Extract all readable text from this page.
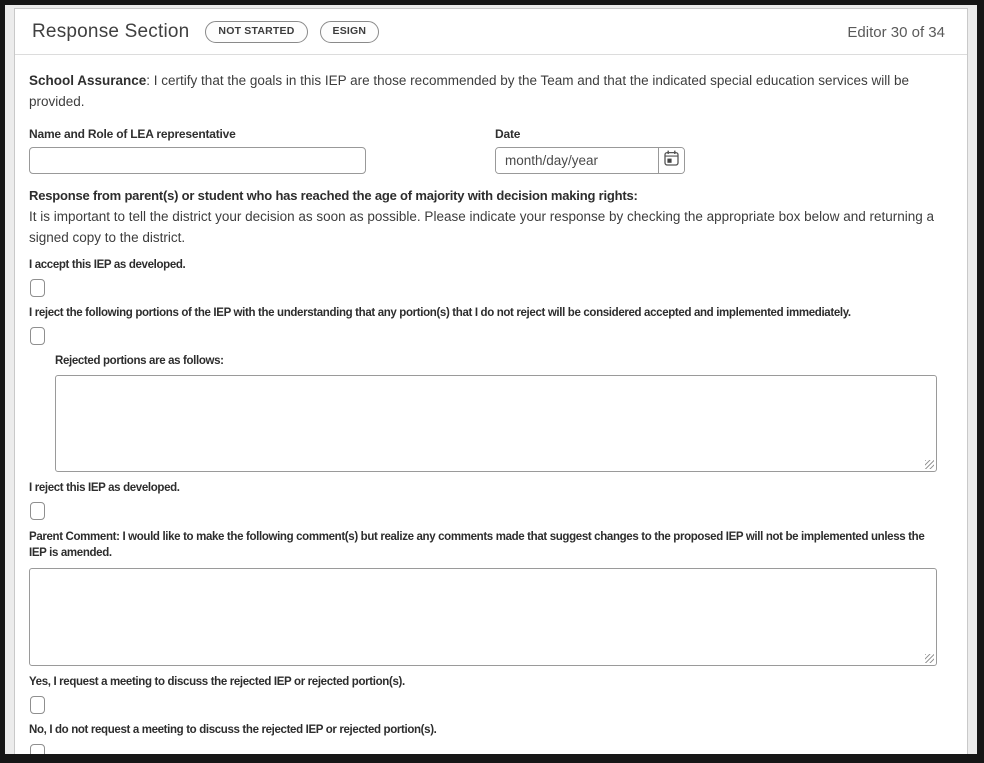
Response Section	NOT STARTED	ESIGN	Editor 30 of 34
School Assurance: I certify that the goals in this IEP are those recommended by the Team and that the indicated special education services will be provided.
Name and Role of LEA representative	Date
month/day/year
Response from parent(s) or student who has reached the age of majority with decision making rights:
It is important to tell the district your decision as soon as possible. Please indicate your response by checking the appropriate box below and returning a signed copy to the district.
I accept this IEP as developed.
I reject the following portions of the IEP with the understanding that any portion(s) that I do not reject will be considered accepted and implemented immediately.
Rejected portions are as follows:
I reject this IEP as developed.
Parent Comment: I would like to make the following comment(s) but realize any comments made that suggest changes to the proposed IEP will not be implemented unless the IEP is amended.
Yes, I request a meeting to discuss the rejected IEP or rejected portion(s).
No, I do not request a meeting to discuss the rejected IEP or rejected portion(s).
